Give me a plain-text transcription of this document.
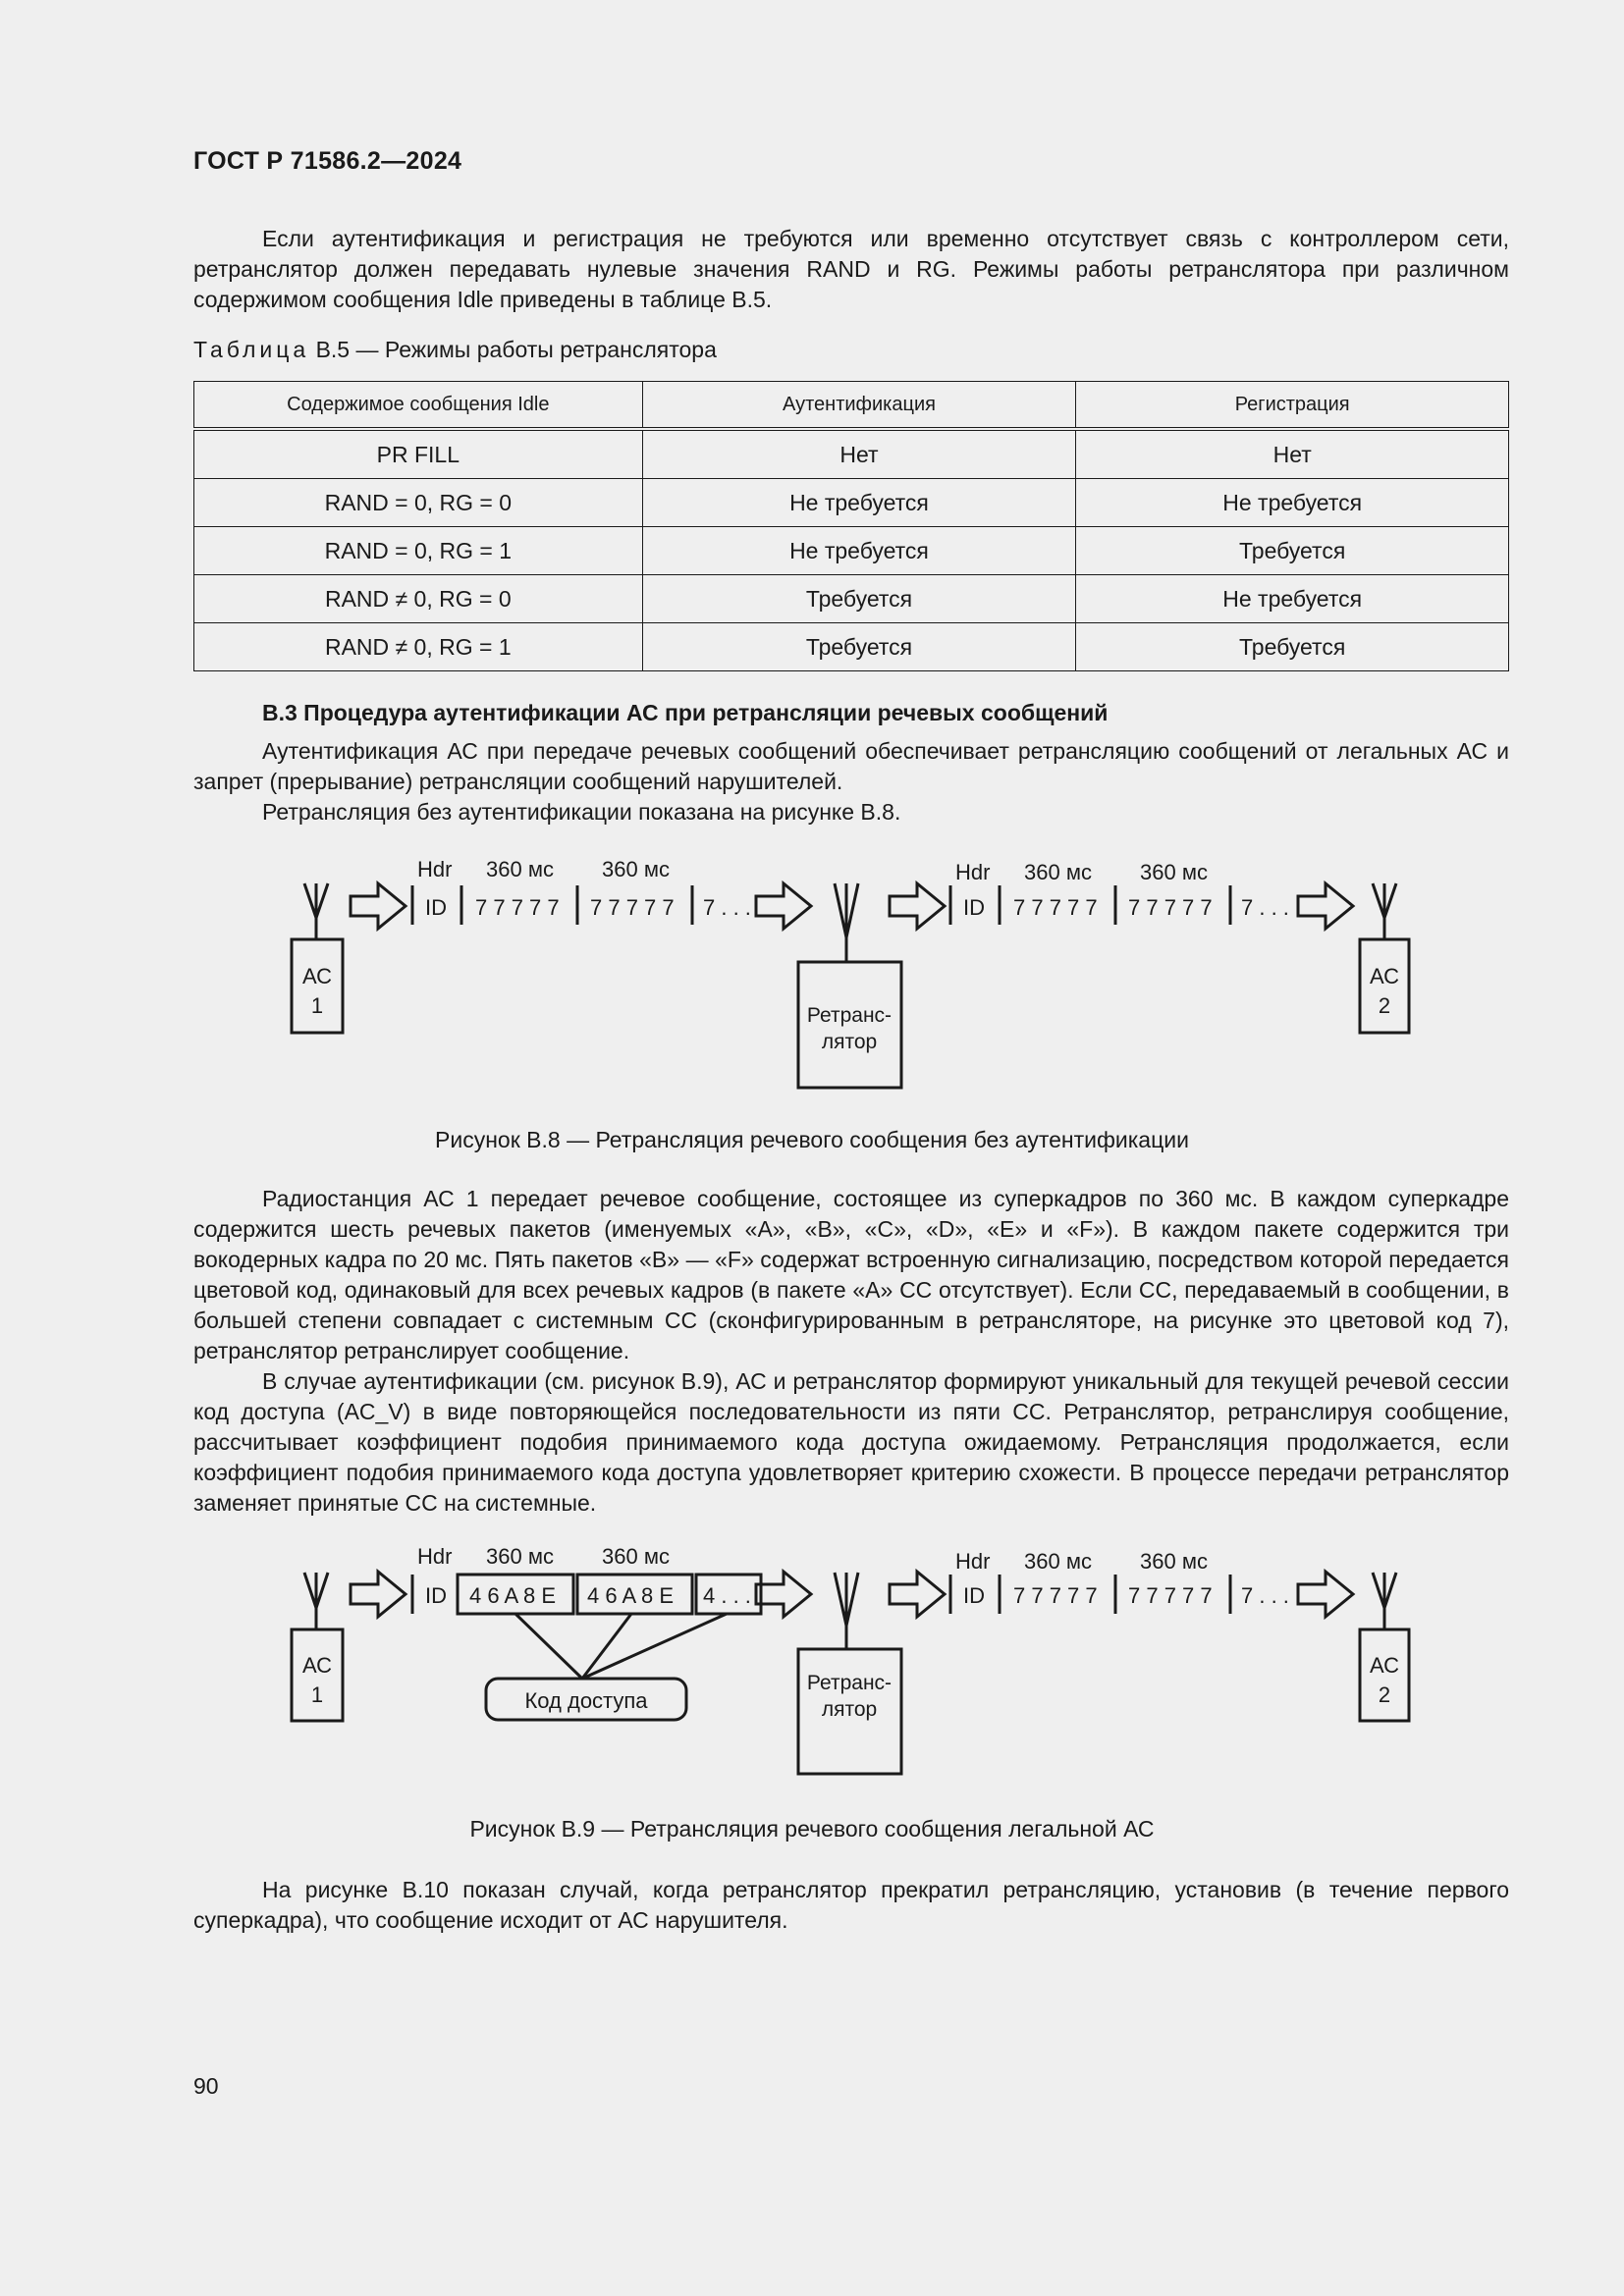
ГОСТ Р 71586.2—2024

Если аутентификация и регистрация не требуются или временно отсутствует связь с контроллером сети, ретранслятор должен передавать нулевые значения RAND и RG. Режимы работы ретранслятора при различном содержимом сообщения Idle приведены в таблице В.5.

Таблица В.5 — Режимы работы ретранслятора
Содержимое сообщения Idle	Аутентификация	Регистрация
PR FILL	Нет	Нет
RAND = 0, RG = 0	Не требуется	Не требуется
RAND = 0, RG = 1	Не требуется	Требуется
RAND ≠ 0, RG = 0	Требуется	Не требуется
RAND ≠ 0, RG = 1	Требуется	Требуется
В.3 Процедура аутентификации АС при ретрансляции речевых сообщений

Аутентификация АС при передаче речевых сообщений обеспечивает ретрансляцию сообщений от легальных АС и запрет (прерывание) ретрансляции сообщений нарушителей.

Ретрансляция без аутентификации показана на рисунке В.8.

Hdr 360 мс 360 мс
ID 7 7 7 7 7 7 7 7 7 7 7 . . .
Hdr 360 мс 360 мс
ID 7 7 7 7 7 7 7 7 7 7 7 . . .
АС
1
АС
2
Ретранс-
лятор
Рисунок В.8 — Ретрансляция речевого сообщения без аутентификации

Радиостанция АС 1 передает речевое сообщение, состоящее из суперкадров по 360 мс. В каждом суперкадре содержится шесть речевых пакетов (именуемых «А», «В», «С», «D», «Е» и «F»). В каждом пакете содержится три вокодерных кадра по 20 мс. Пять пакетов «В» — «F» содержат встроенную сигнализацию, посредством которой передается цветовой код, одинаковый для всех речевых кадров (в пакете «А» СС отсутствует). Если СС, передаваемый в сообщении, в большей степени совпадает с системным СС (сконфигурированным в ретрансляторе, на рисунке это цветовой код 7), ретранслятор ретранслирует сообщение.

В случае аутентификации (см. рисунок В.9), АС и ретранслятор формируют уникальный для текущей речевой сессии код доступа (AC_V) в виде повторяющейся последовательности из пяти СС. Ретранслятор, ретранслируя сообщение, рассчитывает коэффициент подобия принимаемого кода доступа ожидаемому. Ретрансляция продолжается, если коэффициент подобия принимаемого кода доступа удовлетворяет критерию схожести. В процессе передачи ретранслятор заменяет принятые СС на системные.

Hdr 360 мс 360 мс
ID 4 6 A 8 E 4 6 A 8 E 4 . . .
Код доступа
Hdr 360 мс 360 мс
ID 7 7 7 7 7 7 7 7 7 7 7 . . .
АС
1
АС
2
Ретранс-
лятор
Рисунок В.9 — Ретрансляция речевого сообщения легальной АС

На рисунке В.10 показан случай, когда ретранслятор прекратил ретрансляцию, установив (в течение первого суперкадра), что сообщение исходит от АС нарушителя.

90
